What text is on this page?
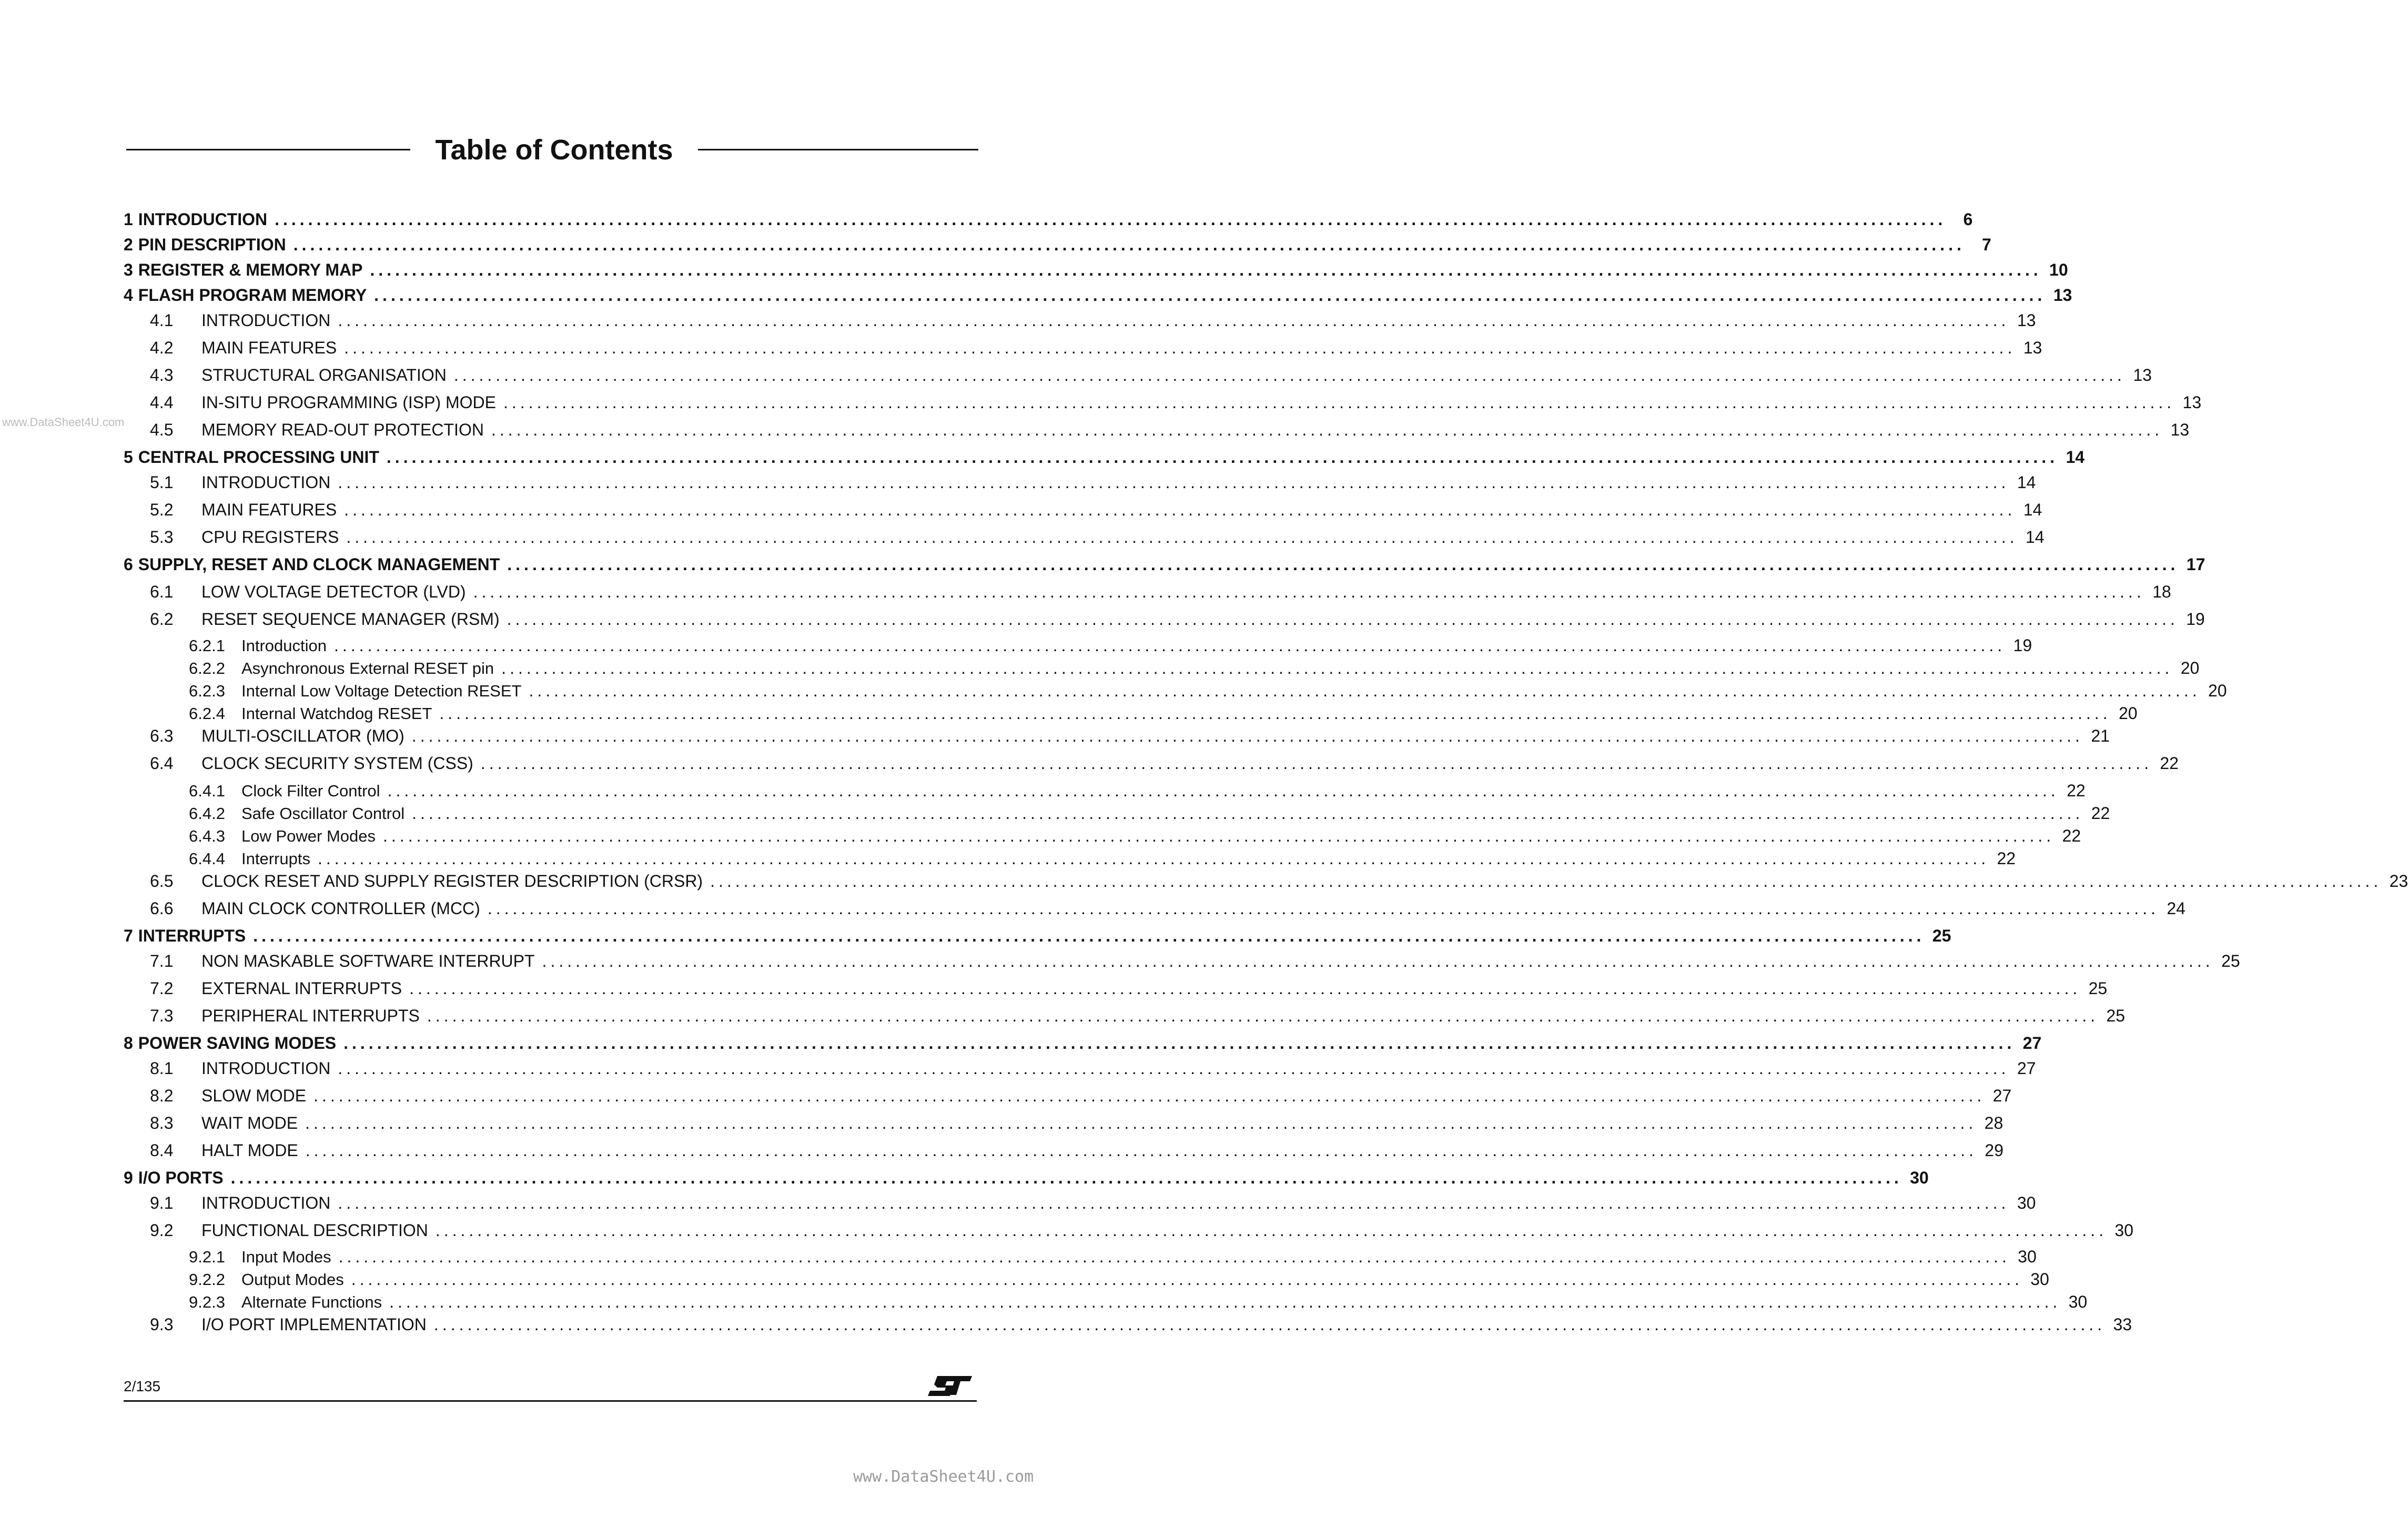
Table of Contents
www.DataSheet4U.com
1 INTRODUCTION ........................................................................................................................................................................................................	6
2 PIN DESCRIPTION ........................................................................................................................................................................................................	7
3 REGISTER & MEMORY MAP ........................................................................................................................................................................................................ 10
4 FLASH PROGRAM MEMORY ........................................................................................................................................................................................................ 13
4.1 INTRODUCTION ........................................................................................................................................................................................................ 13
4.2 MAIN FEATURES ........................................................................................................................................................................................................ 13
4.3 STRUCTURAL ORGANISATION ........................................................................................................................................................................................................ 13
4.4 IN-SITU PROGRAMMING (ISP) MODE ........................................................................................................................................................................................................ 13
4.5 MEMORY READ-OUT PROTECTION ........................................................................................................................................................................................................ 13
5 CENTRAL PROCESSING UNIT ........................................................................................................................................................................................................ 14
5.1 INTRODUCTION ........................................................................................................................................................................................................ 14
5.2 MAIN FEATURES ........................................................................................................................................................................................................ 14
5.3 CPU REGISTERS ........................................................................................................................................................................................................ 14
6 SUPPLY, RESET AND CLOCK MANAGEMENT ........................................................................................................................................................................................................ 17
6.1 LOW VOLTAGE DETECTOR (LVD) ........................................................................................................................................................................................................ 18
6.2 RESET SEQUENCE MANAGER (RSM) ........................................................................................................................................................................................................ 19
6.2.1	Introduction ........................................................................................................................................................................................................ 19
6.2.2	Asynchronous External RESET pin ........................................................................................................................................................................................................ 20
6.2.3	Internal Low Voltage Detection RESET ........................................................................................................................................................................................................ 20
6.2.4	Internal Watchdog RESET ........................................................................................................................................................................................................ 20
6.3 MULTI-OSCILLATOR (MO) ........................................................................................................................................................................................................ 21
6.4 CLOCK SECURITY SYSTEM (CSS) ........................................................................................................................................................................................................ 22
6.4.1	Clock Filter Control ........................................................................................................................................................................................................ 22
6.4.2	Safe Oscillator Control ........................................................................................................................................................................................................ 22
6.4.3	Low Power Modes ........................................................................................................................................................................................................ 22
6.4.4	Interrupts ........................................................................................................................................................................................................ 22
6.5 CLOCK RESET AND SUPPLY REGISTER DESCRIPTION (CRSR) ........................................................................................................................................................................................................ 23
6.6 MAIN CLOCK CONTROLLER (MCC) ........................................................................................................................................................................................................ 24
7 INTERRUPTS ........................................................................................................................................................................................................ 25
7.1 NON MASKABLE SOFTWARE INTERRUPT ........................................................................................................................................................................................................ 25
7.2 EXTERNAL INTERRUPTS ........................................................................................................................................................................................................ 25
7.3 PERIPHERAL INTERRUPTS ........................................................................................................................................................................................................ 25
8 POWER SAVING MODES ........................................................................................................................................................................................................ 27
8.1 INTRODUCTION ........................................................................................................................................................................................................ 27
8.2 SLOW MODE ........................................................................................................................................................................................................ 27
8.3 WAIT MODE ........................................................................................................................................................................................................ 28
8.4 HALT MODE ........................................................................................................................................................................................................ 29
9 I/O PORTS ........................................................................................................................................................................................................ 30
9.1 INTRODUCTION ........................................................................................................................................................................................................ 30
9.2 FUNCTIONAL DESCRIPTION ........................................................................................................................................................................................................ 30
9.2.1	Input Modes ........................................................................................................................................................................................................ 30
9.2.2	Output Modes ........................................................................................................................................................................................................ 30
9.2.3	Alternate Functions ........................................................................................................................................................................................................ 30
9.3 I/O PORT IMPLEMENTATION ........................................................................................................................................................................................................ 33
2/135
www.DataSheet4U.com
